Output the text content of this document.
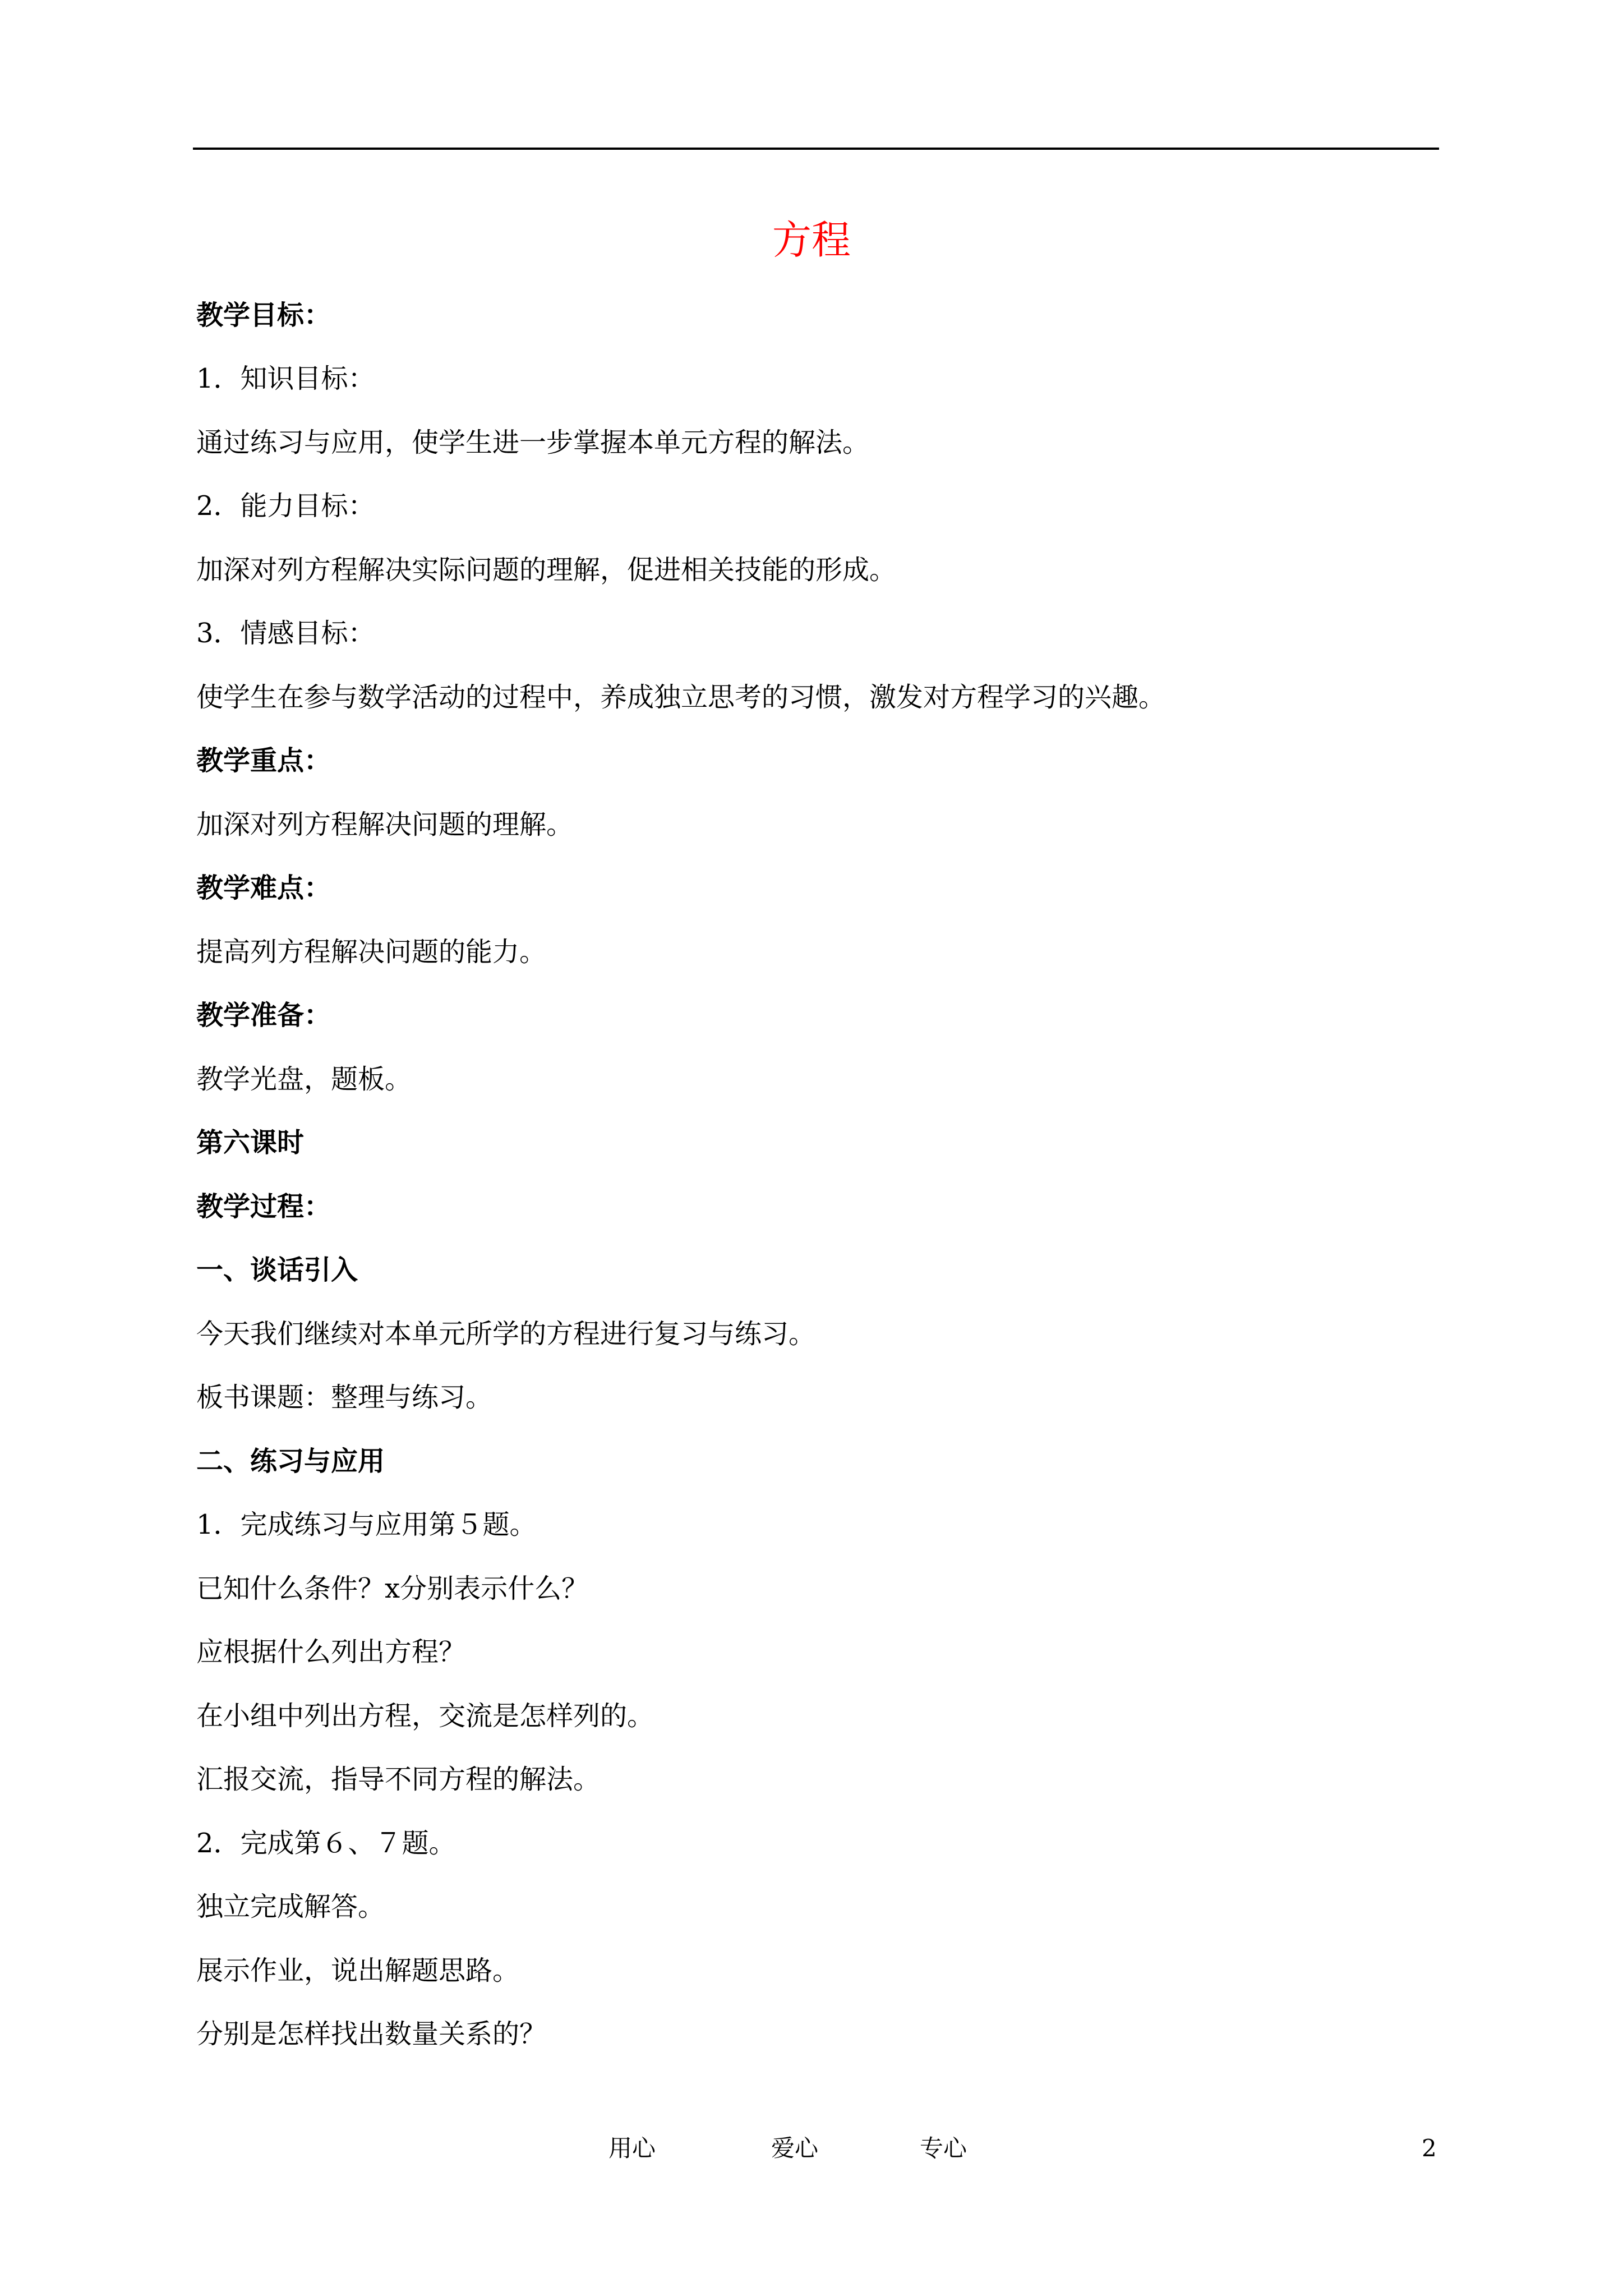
方程
教学目标：
1．知识目标：
通过练习与应用，使学生进一步掌握本单元方程的解法。
2．能力目标：
加深对列方程解决实际问题的理解，促进相关技能的形成。
3．情感目标：
使学生在参与数学活动的过程中，养成独立思考的习惯，激发对方程学习的兴趣。
教学重点：
加深对列方程解决问题的理解。
教学难点：
提高列方程解决问题的能力。
教学准备：
教学光盘，题板。
第六课时
教学过程：
一、谈话引入
今天我们继续对本单元所学的方程进行复习与练习。
板书课题：整理与练习。
二、练习与应用
1．完成练习与应用第５题。
已知什么条件？x分别表示什么？
应根据什么列出方程？
在小组中列出方程，交流是怎样列的。
汇报交流，指导不同方程的解法。
2．完成第６、７题。
独立完成解答。
展示作业，说出解题思路。
分别是怎样找出数量关系的？
用心	爱心	专心	2
